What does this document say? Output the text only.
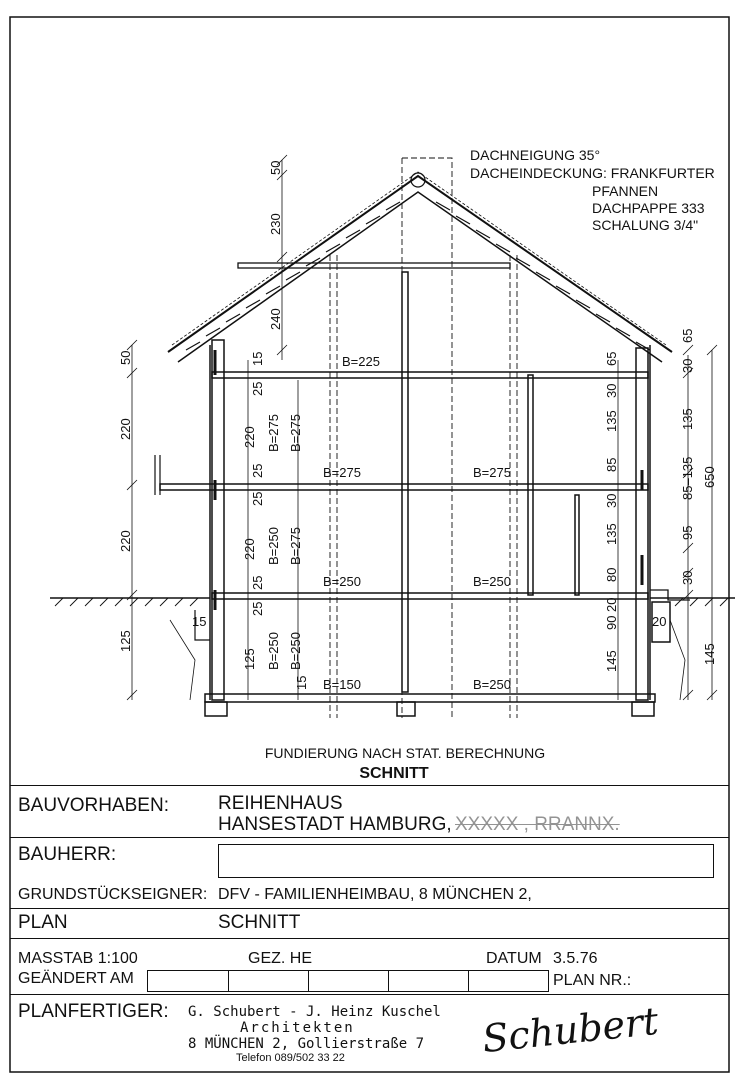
DACHNEIGUNG 35°
DACHEINDECKUNG: FRANKFURTER
PFANNEN
DACHPAPPE 333
SCHALUNG 3/4"
50
220
220
125
50
230
240
15
25
220
25
25
220
25
25
125
15
B=275 B=275
B=250 B=275
B=250 B=250
65
30
135
85
30
135
80
20
90
145
65
30
135
85–135
95
30
145
650
B=225
B=275	B=275
B=250	B=250
B=150	B=250
15	20
FUNDIERUNG NACH STAT. BERECHNUNG
SCHNITT
BAUVORHABEN:	REIHENHAUS
HANSESTADT HAMBURG, XXXXX , RRANNX.
BAUHERR:
GRUNDSTÜCKSEIGNER: DFV - FAMILIENHEIMBAU, 8 MÜNCHEN 2,
PLAN	SCHNITT
MASSTAB 1:100	GEZ. HE	DATUM 3.5.76
GEÄNDERT AM	PLAN NR.:
PLANFERTIGER: G. Schubert - J. Heinz Kuschel
Architekten
8 MÜNCHEN 2, Gollierstraße 7
Telefon 089/502 33 22	Schubert
